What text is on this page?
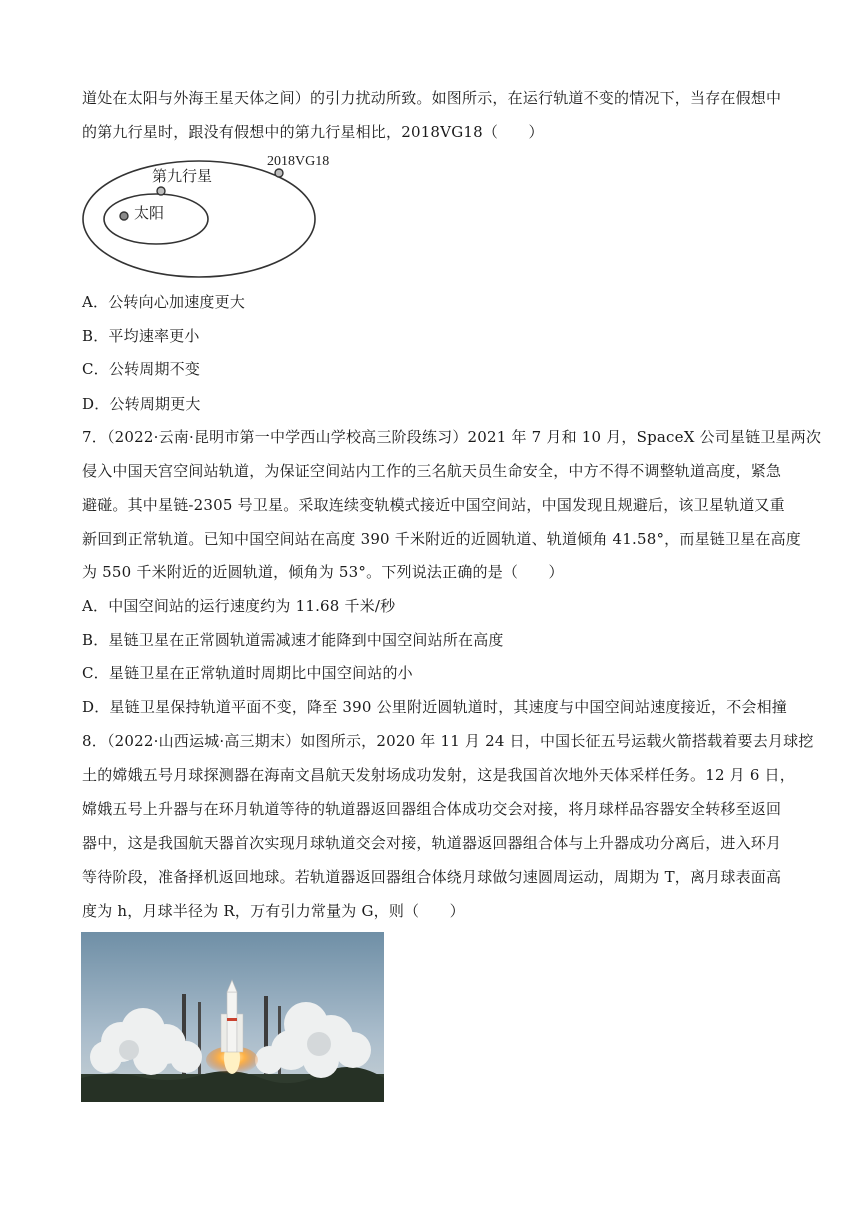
道处在太阳与外海王星天体之间）的引力扰动所致。如图所示，在运行轨道不变的情况下，当存在假想中
的第九行星时，跟没有假想中的第九行星相比，2018VG18（　　）
2018VG18
第九行星
太阳
A．公转向心加速度更大
B．平均速率更小
C．公转周期不变
D．公转周期更大
7．（2022·云南·昆明市第一中学西山学校高三阶段练习）2021 年 7 月和 10 月，SpaceX 公司星链卫星两次
侵入中国天宫空间站轨道，为保证空间站内工作的三名航天员生命安全，中方不得不调整轨道高度，紧急
避碰。其中星链-2305 号卫星。采取连续变轨模式接近中国空间站，中国发现且规避后，该卫星轨道又重
新回到正常轨道。已知中国空间站在高度 390 千米附近的近圆轨道、轨道倾角 41.58°，而星链卫星在高度
为 550 千米附近的近圆轨道，倾角为 53°。下列说法正确的是（　　）
A．中国空间站的运行速度约为 11.68 千米/秒
B．星链卫星在正常圆轨道需减速才能降到中国空间站所在高度
C．星链卫星在正常轨道时周期比中国空间站的小
D．星链卫星保持轨道平面不变，降至 390 公里附近圆轨道时，其速度与中国空间站速度接近，不会相撞
8．（2022·山西运城·高三期末）如图所示，2020 年 11 月 24 日，中国长征五号运载火箭搭载着要去月球挖
土的嫦娥五号月球探测器在海南文昌航天发射场成功发射，这是我国首次地外天体采样任务。12 月 6 日，
嫦娥五号上升器与在环月轨道等待的轨道器返回器组合体成功交会对接，将月球样品容器安全转移至返回
器中，这是我国航天器首次实现月球轨道交会对接，轨道器返回器组合体与上升器成功分离后，进入环月
等待阶段，准备择机返回地球。若轨道器返回器组合体绕月球做匀速圆周运动，周期为 T，离月球表面高
度为 h，月球半径为 R，万有引力常量为 G，则（　　）
